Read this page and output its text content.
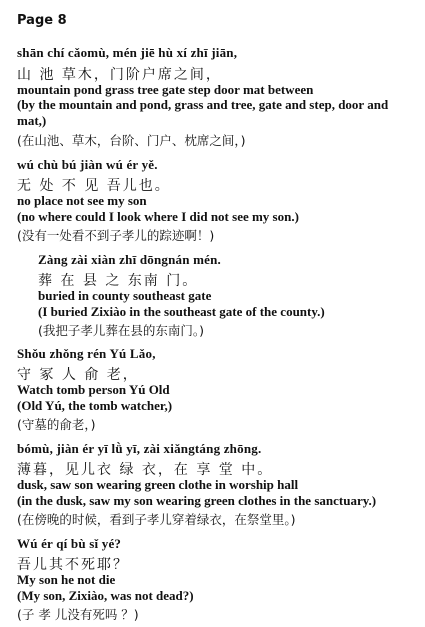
Page 8
shān chí cǎomù, mén jiē hù xí zhī jiān,
山 池 草木，门阶户席之间，
mountain pond grass tree gate step door mat between
(by the mountain and pond, grass and tree, gate and step, door and mat,)
(在山池、草木，台阶、门户、枕席之间，)
wú chù bú jiàn wú ér yě.
无 处 不 见 吾儿也。
no place not see my son
(no where could I look where I did not see my son.)
(没有一处看不到子孝儿的踪迹啊！)
Zàng zài xiàn zhī dōngnán mén.
葬 在 县 之 东南 门。
buried in county southeast gate
(I buried Zixiào in the southeast gate of the county.)
(我把子孝儿葬在县的东南门。)
Shǒu zhǒng rén Yú Lǎo,
守 冢 人 俞 老，
Watch tomb person Yú Old
(Old Yú, the tomb watcher,)
(守墓的俞老，)
bómù, jiàn ér yī lǜ yī, zài xiǎngtáng zhōng.
薄暮，见儿衣 绿 衣，在 享 堂 中。
dusk, saw son wearing green clothe in worship hall
(in the dusk, saw my son wearing green clothes in the sanctuary.)
(在傍晚的时候，看到子孝儿穿着绿衣，在祭堂里。)
Wú ér qí bù sǐ yé?
吾儿其不死耶？
My son he not die
(My son, Zixiào, was not dead?)
(子 孝 儿没有死吗 ？)
